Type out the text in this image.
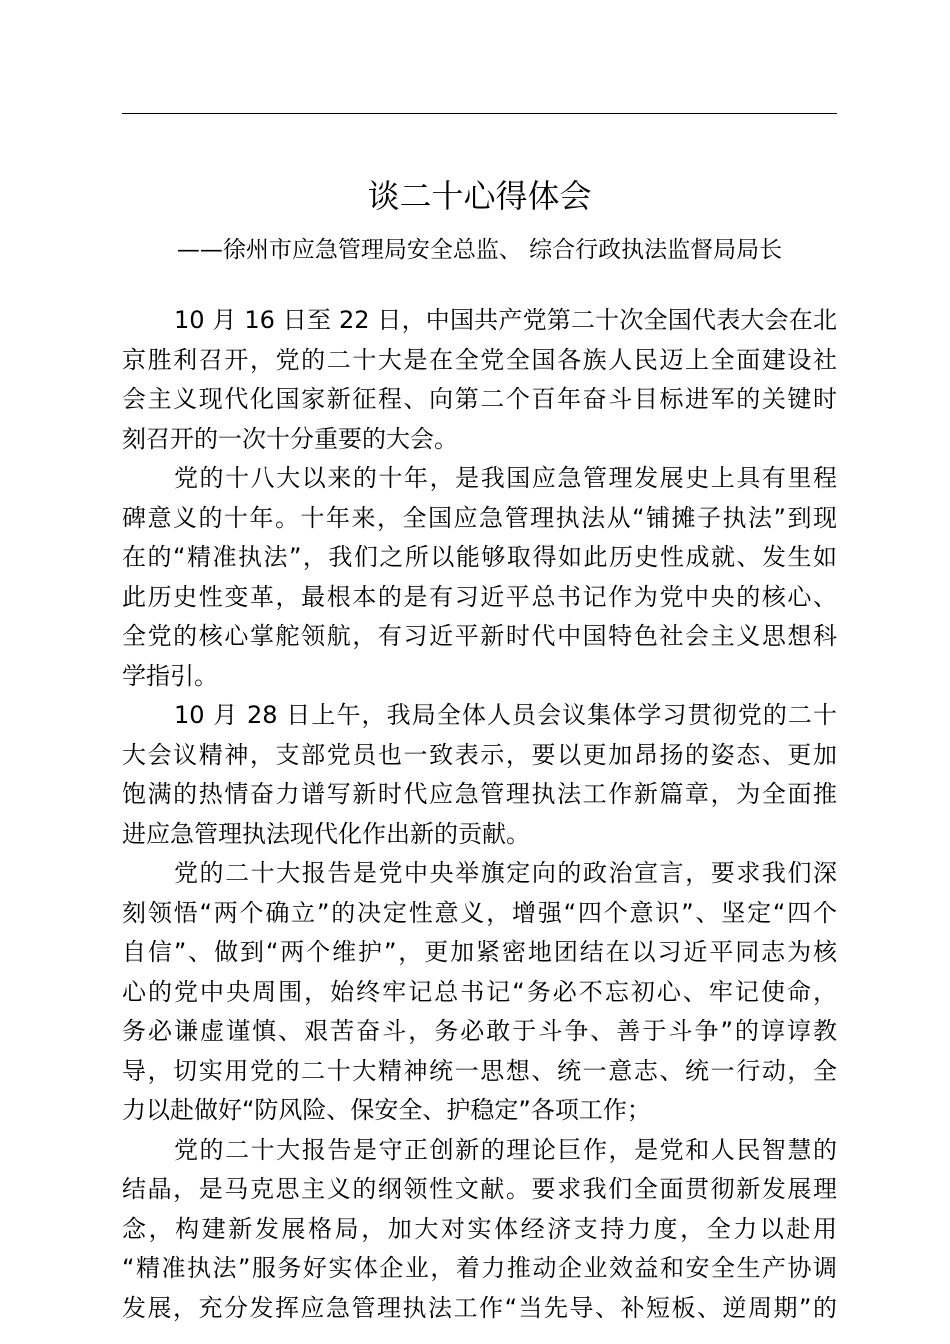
谈二十心得体会
——徐州市应急管理局安全总监、 综合行政执法监督局局长
10 月 16 日至 22 日，中国共产党第二十次全国代表大会在北
京胜利召开，党的二十大是在全党全国各族人民迈上全面建设社
会主义现代化国家新征程、向第二个百年奋斗目标进军的关键时
刻召开的一次十分重要的大会。
党的十八大以来的十年，是我国应急管理发展史上具有里程
碑意义的十年。十年来，全国应急管理执法从“铺摊子执法”到现
在的“精准执法”，我们之所以能够取得如此历史性成就、发生如
此历史性变革，最根本的是有习近平总书记作为党中央的核心、
全党的核心掌舵领航，有习近平新时代中国特色社会主义思想科
学指引。
10 月 28 日上午，我局全体人员会议集体学习贯彻党的二十
大会议精神，支部党员也一致表示，要以更加昂扬的姿态、更加
饱满的热情奋力谱写新时代应急管理执法工作新篇章，为全面推
进应急管理执法现代化作出新的贡献。
党的二十大报告是党中央举旗定向的政治宣言，要求我们深
刻领悟“两个确立”的决定性意义，增强“四个意识”、坚定“四个
自信”、做到“两个维护”，更加紧密地团结在以习近平同志为核
心的党中央周围，始终牢记总书记“务必不忘初心、牢记使命，
务必谦虚谨慎、艰苦奋斗，务必敢于斗争、善于斗争”的谆谆教
导，切实用党的二十大精神统一思想、统一意志、统一行动，全
力以赴做好“防风险、保安全、护稳定”各项工作；
党的二十大报告是守正创新的理论巨作，是党和人民智慧的
结晶，是马克思主义的纲领性文献。要求我们全面贯彻新发展理
念，构建新发展格局，加大对实体经济支持力度，全力以赴用
“精准执法”服务好实体企业，着力推动企业效益和安全生产协调
发展，充分发挥应急管理执法工作“当先导、补短板、逆周期”的
